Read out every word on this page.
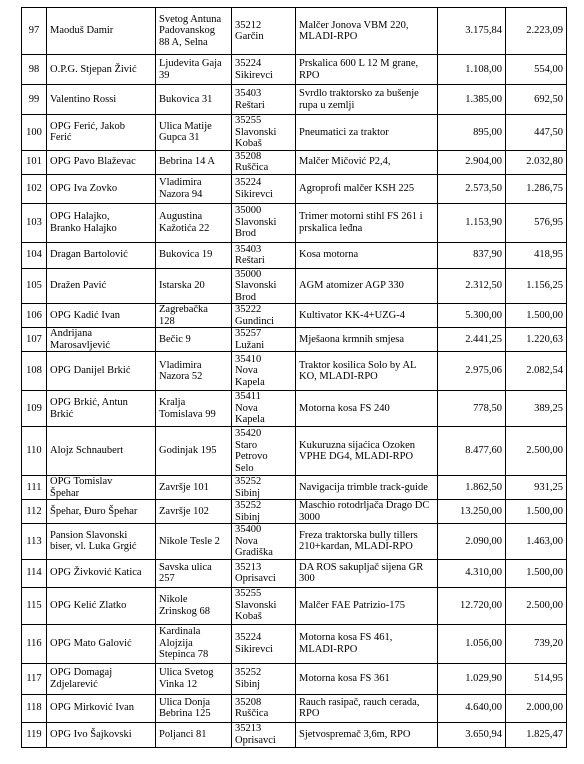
97	Maoduš Damir	Svetog Antuna
Padovanskog
88 A, Selna	35212
Garčin	Malčer Jonova VBM 220,
MLADI-RPO	3.175,84	2.223,09
98	O.P.G. Stjepan Živić	Ljudevita Gaja
39	35224
Sikirevci	Prskalica 600 L 12 M grane,
RPO	1.108,00	554,00
99	Valentino Rossi	Bukovica 31	35403
Reštari	Svrdlo traktorsko za bušenje
rupa u zemlji	1.385,00	692,50
100	OPG Ferić, Jakob
Ferić	Ulica Matije
Gupca 31	35255
Slavonski
Kobaš	Pneumatici za traktor	895,00	447,50
101	OPG Pavo Blaževac	Bebrina 14 A	35208
Ruščica	Malčer Mičović P2,4,	2.904,00	2.032,80
102	OPG Iva Zovko	Vladimira
Nazora 94	35224
Sikirevci	Agroprofi malčer KSH 225	2.573,50	1.286,75
103	OPG Halajko,
Branko Halajko	Augustina
Kažotića 22	35000
Slavonski
Brod	Trimer motorni stihl FS 261 i
prskalica leđna	1.153,90	576,95
104	Dragan Bartolović	Bukovica 19	35403
Reštari	Kosa motorna	837,90	418,95
105	Dražen Pavić	Istarska 20	35000
Slavonski
Brod	AGM atomizer AGP 330	2.312,50	1.156,25
106	OPG Kadić Ivan	Zagrebačka
128	35222
Gundinci	Kultivator KK-4+UZG-4	5.300,00	1.500,00
107	Andrijana
Marosavljević	Bečic 9	35257
Lužani	Mješaona krmnih smjesa	2.441,25	1.220,63
108	OPG Danijel Brkić	Vladimira
Nazora 52	35410
Nova
Kapela	Traktor kosilica Solo by AL
KO, MLADI-RPO	2.975,06	2.082,54
109	OPG Brkić, Antun
Brkić	Kralja
Tomislava 99	35411
Nova
Kapela	Motorna kosa FS 240	778,50	389,25
110	Alojz Schnaubert	Godinjak 195	35420
Staro
Petrovo
Selo	Kukuruzna sijaćica Ozoken
VPHE DG4, MLADI-RPO	8.477,60	2.500,00
111	OPG Tomislav
Špehar	Završje 101	35252
Sibinj	Navigacija trimble track-guide	1.862,50	931,25
112	Špehar, Đuro Špehar	Završje 102	35252
Sibinj	Maschio rotodrljača Drago DC
3000	13.250,00	1.500,00
113	Pansion Slavonski
biser, vl. Luka Grgić	Nikole Tesle 2	35400
Nova
Gradiška	Freza traktorska bully tillers
210+kardan, MLADI-RPO	2.090,00	1.463,00
114	OPG Živković Katica	Savska ulica
257	35213
Oprisavci	DA ROS sakupljač sijena GR
300	4.310,00	1.500,00
115	OPG Kelić Zlatko	Nikole
Zrinskog 68	35255
Slavonski
Kobaš	Malčer FAE Patrizio-175	12.720,00	2.500,00
116	OPG Mato Galović	Kardinala
Alojzija
Stepinca 78	35224
Sikirevci	Motorna kosa FS 461,
MLADI-RPO	1.056,00	739,20
117	OPG Domagaj
Zdjelarević	Ulica Svetog
Vinka 12	35252
Sibinj	Motorna kosa FS 361	1.029,90	514,95
118	OPG Mirković Ivan	Ulica Donja
Bebrina 125	35208
Ruščica	Rauch rasipač, rauch cerada,
RPO	4.640,00	2.000,00
119	OPG Ivo Šajkovski	Poljanci 81	35213
Oprisavci	Sjetvospremač 3,6m, RPO	3.650,94	1.825,47
